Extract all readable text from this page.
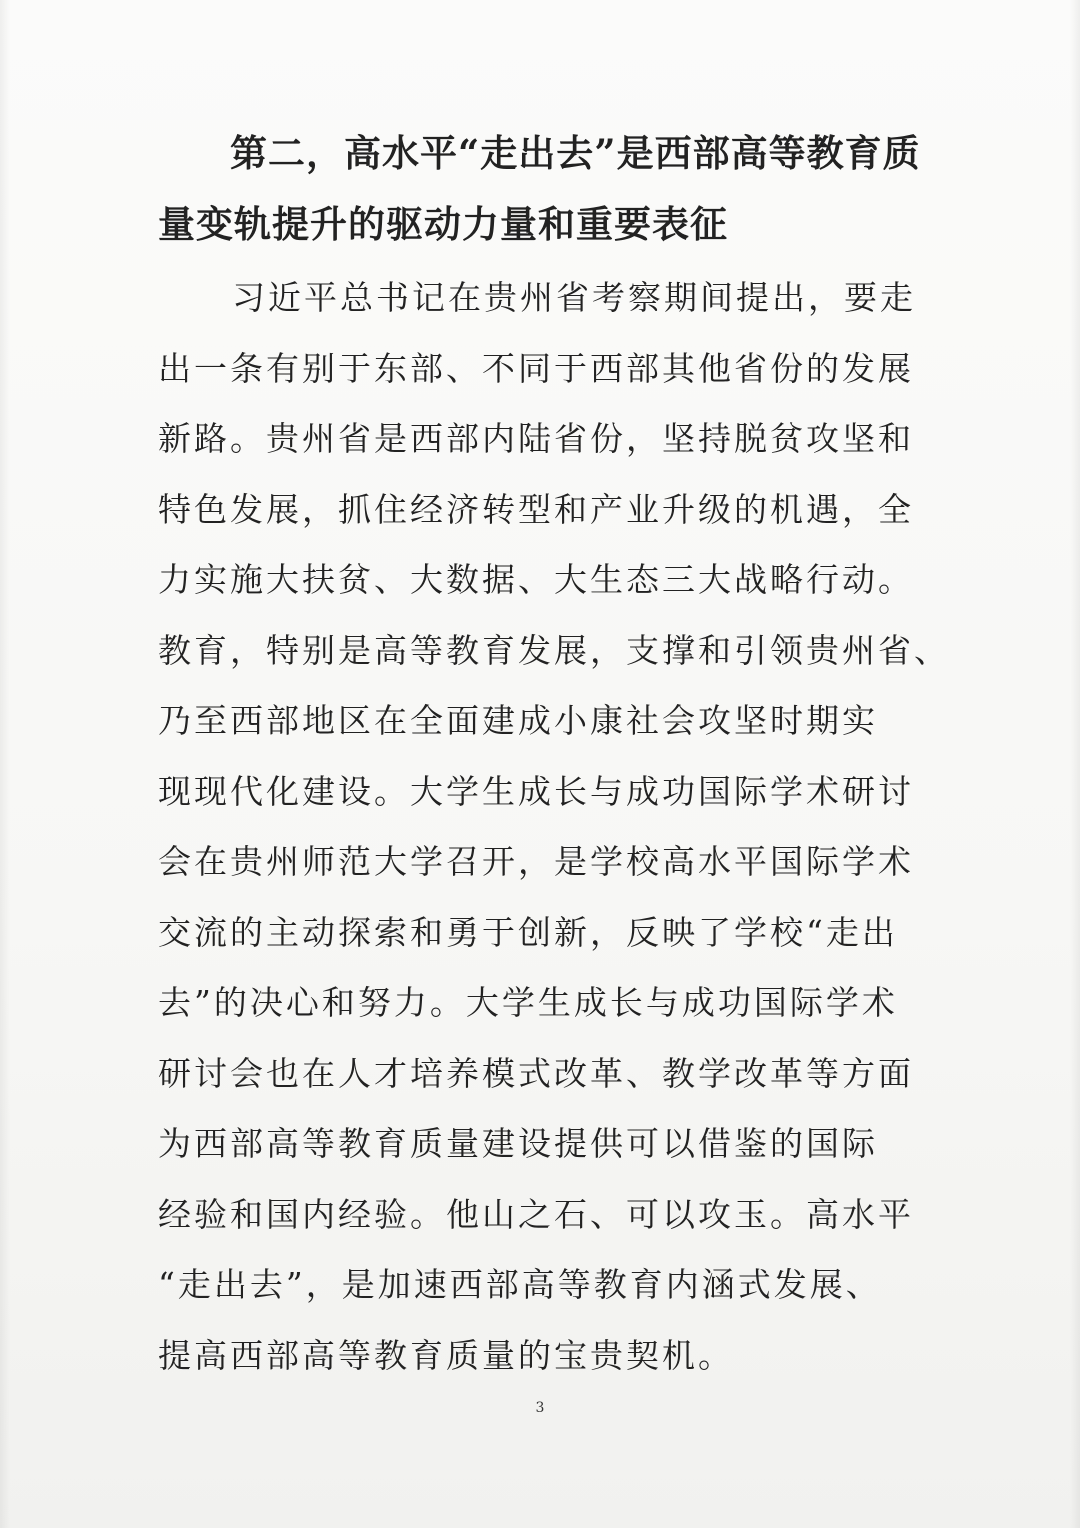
第二，高水平“走出去”是西部高等教育质
量变轨提升的驱动力量和重要表征

习近平总书记在贵州省考察期间提出，要走
出一条有别于东部、不同于西部其他省份的发展
新路。贵州省是西部内陆省份，坚持脱贫攻坚和
特色发展，抓住经济转型和产业升级的机遇，全
力实施大扶贫、大数据、大生态三大战略行动。
教育，特别是高等教育发展，支撑和引领贵州省、
乃至西部地区在全面建成小康社会攻坚时期实
现现代化建设。大学生成长与成功国际学术研讨
会在贵州师范大学召开，是学校高水平国际学术
交流的主动探索和勇于创新，反映了学校“走出
去”的决心和努力。大学生成长与成功国际学术
研讨会也在人才培养模式改革、教学改革等方面
为西部高等教育质量建设提供可以借鉴的国际
经验和国内经验。他山之石、可以攻玉。高水平
“走出去”，是加速西部高等教育内涵式发展、
提高西部高等教育质量的宝贵契机。

3
